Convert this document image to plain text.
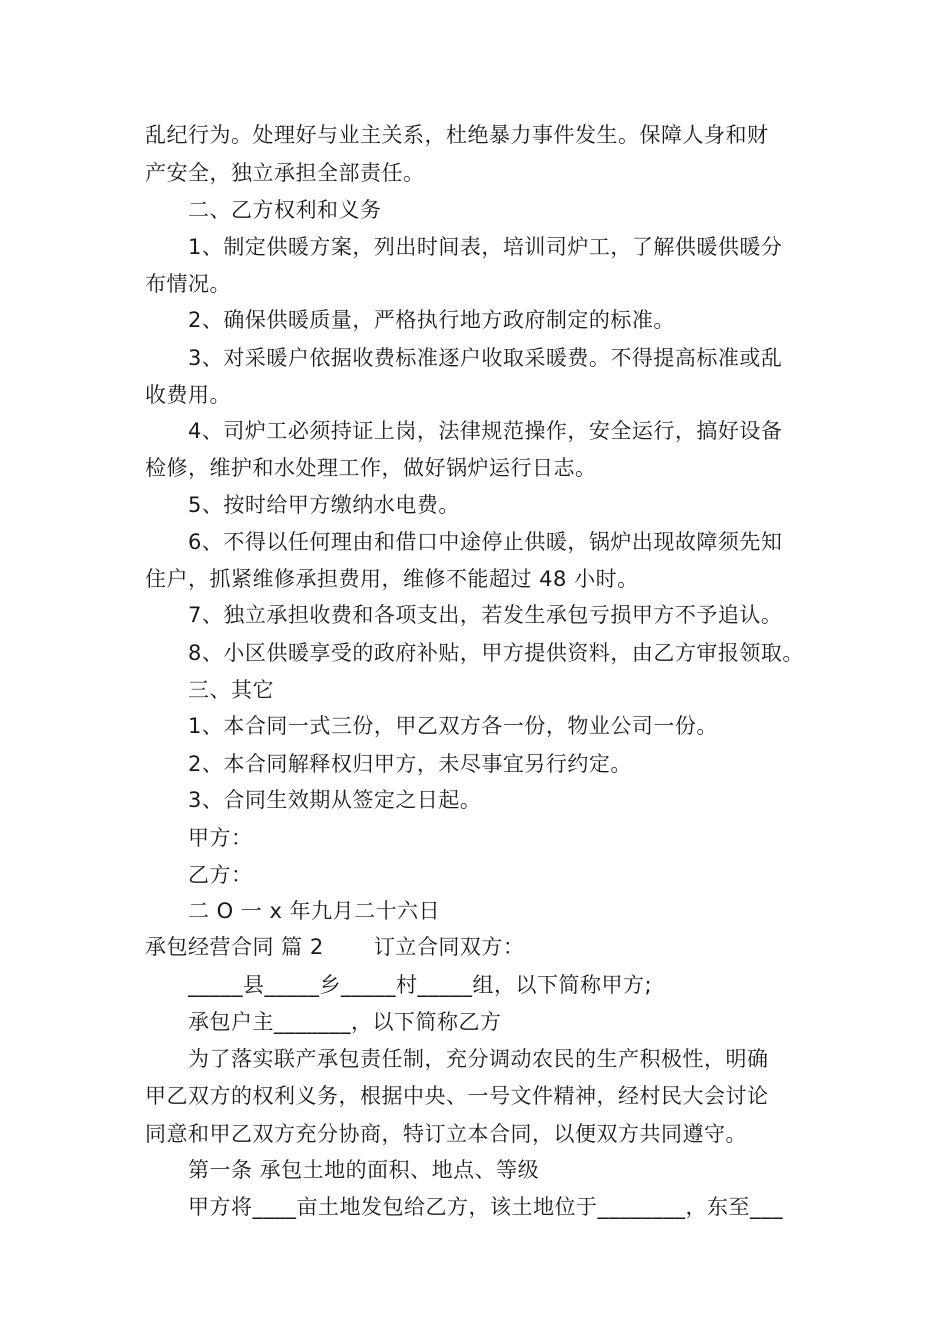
乱纪行为。处理好与业主关系，杜绝暴力事件发生。保障人身和财
产安全，独立承担全部责任。
二、乙方权利和义务
1、制定供暖方案，列出时间表，培训司炉工，了解供暖供暖分
布情况。
2、确保供暖质量，严格执行地方政府制定的标准。
3、对采暖户依据收费标准逐户收取采暖费。不得提高标准或乱
收费用。
4、司炉工必须持证上岗，法律规范操作，安全运行，搞好设备
检修，维护和水处理工作，做好锅炉运行日志。
5、按时给甲方缴纳水电费。
6、不得以任何理由和借口中途停止供暖，锅炉出现故障须先知
住户，抓紧维修承担费用，维修不能超过 48 小时。
7、独立承担收费和各项支出，若发生承包亏损甲方不予追认。
8、小区供暖享受的政府补贴，甲方提供资料，由乙方审报领取。
三、其它
1、本合同一式三份，甲乙双方各一份，物业公司一份。
2、本合同解释权归甲方，未尽事宜另行约定。
3、合同生效期从签定之日起。
甲方：
乙方：
二 O 一 x 年九月二十六日
承包经营合同 篇 2　　 订立合同双方：
_____县_____乡_____村_____组，以下简称甲方;
承包户主_______，以下简称乙方
为了落实联产承包责任制，充分调动农民的生产积极性，明确
甲乙双方的权利义务，根据中央、一号文件精神，经村民大会讨论
同意和甲乙双方充分协商，特订立本合同，以便双方共同遵守。
第一条 承包土地的面积、地点、等级
甲方将____亩土地发包给乙方，该土地位于________，东至___
